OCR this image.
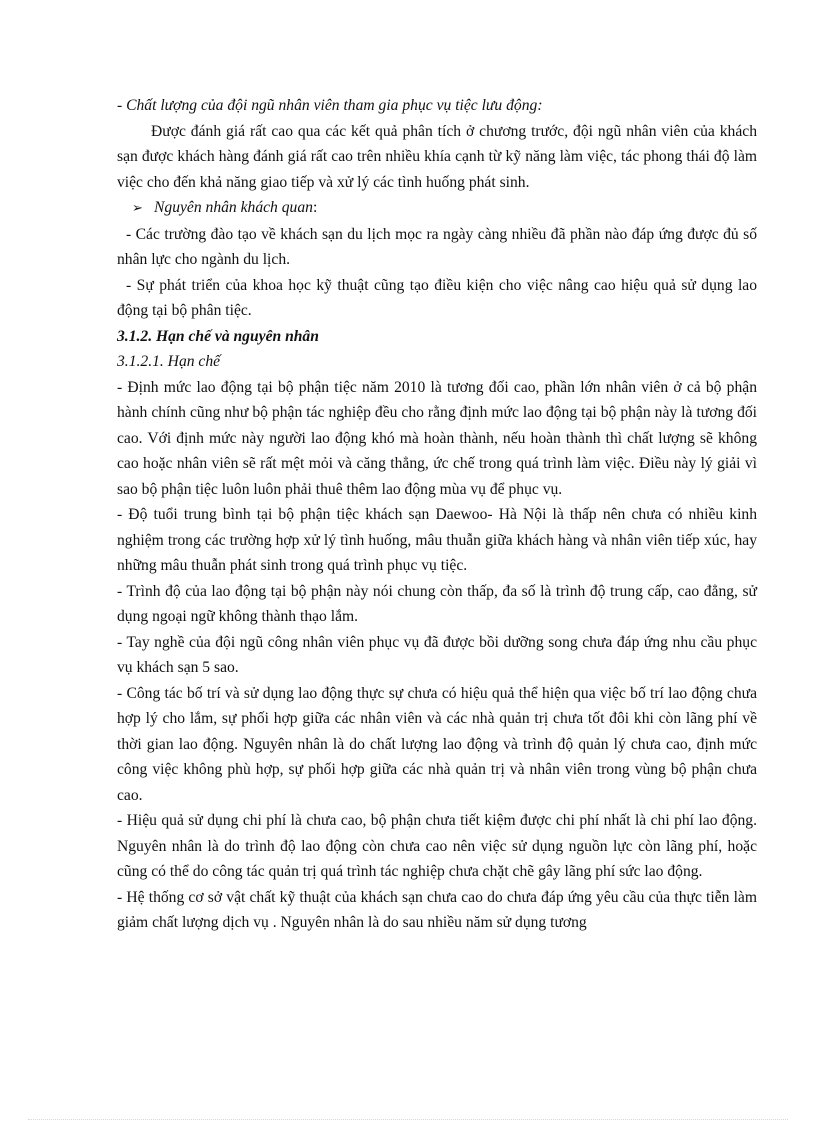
- Chất lượng của đội ngũ nhân viên tham gia phục vụ tiệc lưu động:

Được đánh giá rất cao qua các kết quả phân tích ở chương trước, đội ngũ nhân viên của khách sạn được khách hàng đánh giá rất cao trên nhiều khía cạnh từ kỹ năng làm việc, tác phong thái độ làm việc cho đến khả năng giao tiếp và xử lý các tình huống phát sinh.

➢ Nguyên nhân khách quan:

- Các trường đào tạo về khách sạn du lịch mọc ra ngày càng nhiều đã phần nào đáp ứng được đủ số nhân lực cho ngành du lịch.

- Sự phát triển của khoa học kỹ thuật cũng tạo điều kiện cho việc nâng cao hiệu quả sử dụng lao động tại bộ phân tiệc.

3.1.2. Hạn chế và nguyên nhân

3.1.2.1. Hạn chế

- Định mức lao động tại bộ phận tiệc năm 2010 là tương đối cao, phần lớn nhân viên ở cả bộ phận hành chính cũng như bộ phận tác nghiệp đều cho rằng định mức lao động tại bộ phận này là tương đối cao. Với định mức này người lao động khó mà hoàn thành, nếu hoàn thành thì chất lượng sẽ không cao hoặc nhân viên sẽ rất mệt mỏi và căng thẳng, ức chế trong quá trình làm việc. Điều này lý giải vì sao bộ phận tiệc luôn luôn phải thuê thêm lao động mùa vụ để phục vụ.

- Độ tuổi trung bình tại bộ phận tiệc khách sạn Daewoo- Hà Nội là thấp nên chưa có nhiều kinh nghiệm trong các trường hợp xử lý tình huống, mâu thuẫn giữa khách hàng và nhân viên tiếp xúc, hay những mâu thuẫn phát sinh trong quá trình phục vụ tiệc.

- Trình độ của lao động tại bộ phận này nói chung còn thấp, đa số là trình độ trung cấp, cao đẳng, sử dụng ngoại ngữ không thành thạo lắm.

- Tay nghề của đội ngũ công nhân viên phục vụ đã được bồi dưỡng song chưa đáp ứng nhu cầu phục vụ khách sạn 5 sao.

- Công tác bố trí và sử dụng lao động thực sự chưa có hiệu quả thể hiện qua việc bố trí lao động chưa hợp lý cho lắm, sự phối hợp giữa các nhân viên và các nhà quản trị chưa tốt đôi khi còn lãng phí về thời gian lao động. Nguyên nhân là do chất lượng lao động và trình độ quản lý chưa cao, định mức công việc không phù hợp, sự phối hợp giữa các nhà quản trị và nhân viên trong vùng bộ phận chưa cao.

- Hiệu quả sử dụng chi phí là chưa cao, bộ phận chưa tiết kiệm được chi phí nhất là chi phí lao động. Nguyên nhân là do trình độ lao động còn chưa cao nên việc sử dụng nguồn lực còn lãng phí, hoặc cũng có thể do công tác quản trị quá trình tác nghiệp chưa chặt chẽ gây lãng phí sức lao động.

- Hệ thống cơ sở vật chất kỹ thuật của khách sạn chưa cao do chưa đáp ứng yêu cầu của thực tiễn làm giảm chất lượng dịch vụ . Nguyên nhân là do sau nhiều năm sử dụng tương
